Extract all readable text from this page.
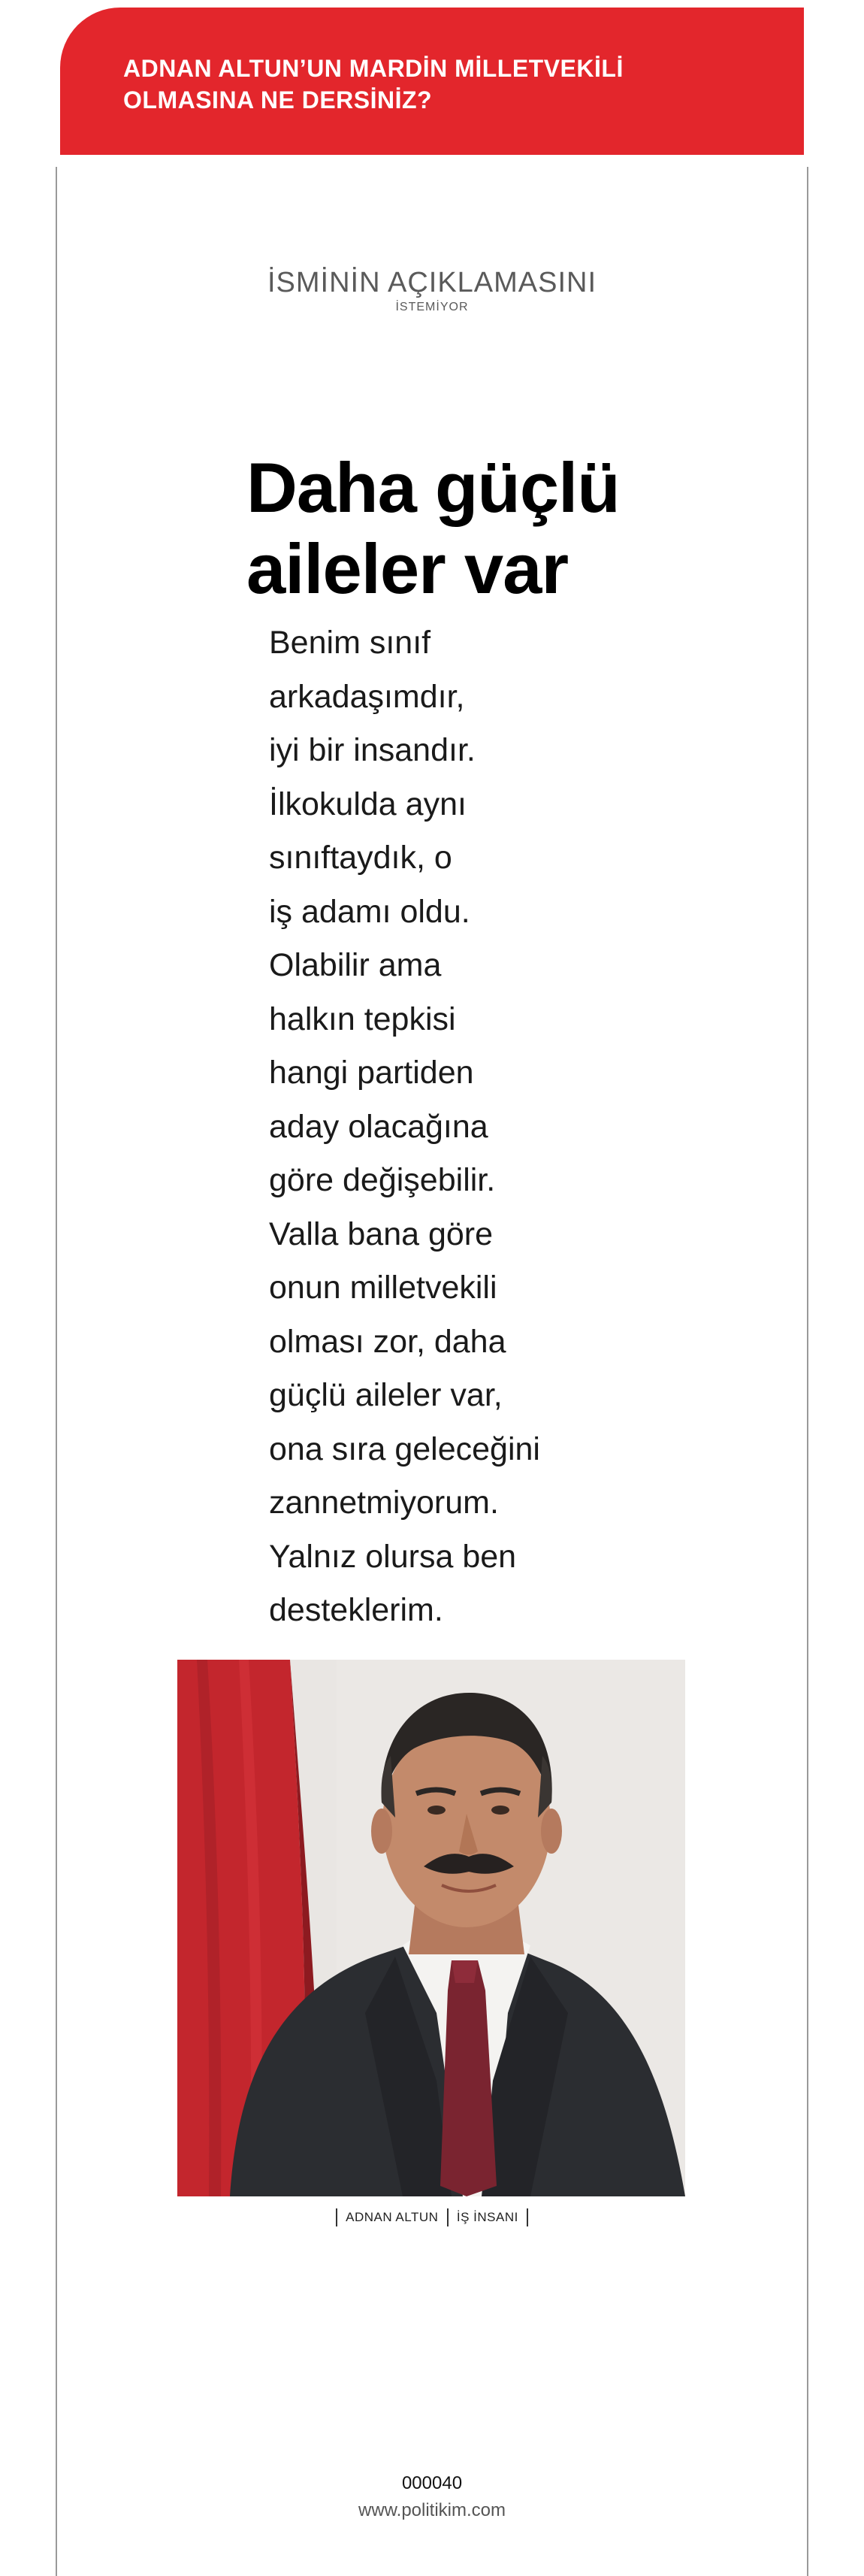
ADNAN ALTUN’UN MARDİN MİLLETVEKİLİ
OLMASINA NE DERSİNİZ?
İSMİNİN AÇIKLAMASINI
İSTEMİYOR
Daha güçlü
aileler var

Benim sınıf

arkadaşımdır,

iyi bir insandır.

İlkokulda aynı

sınıftaydık, o

iş adamı oldu.

Olabilir ama

halkın tepkisi

hangi partiden

aday olacağına

göre değişebilir.

Valla bana göre

onun milletvekili

olması zor, daha

güçlü aileler var,

ona sıra geleceğini

zannetmiyorum.

Yalnız olursa ben

desteklerim.

ADNAN ALTUN İŞ İNSANI
000040
www.politikim.com
